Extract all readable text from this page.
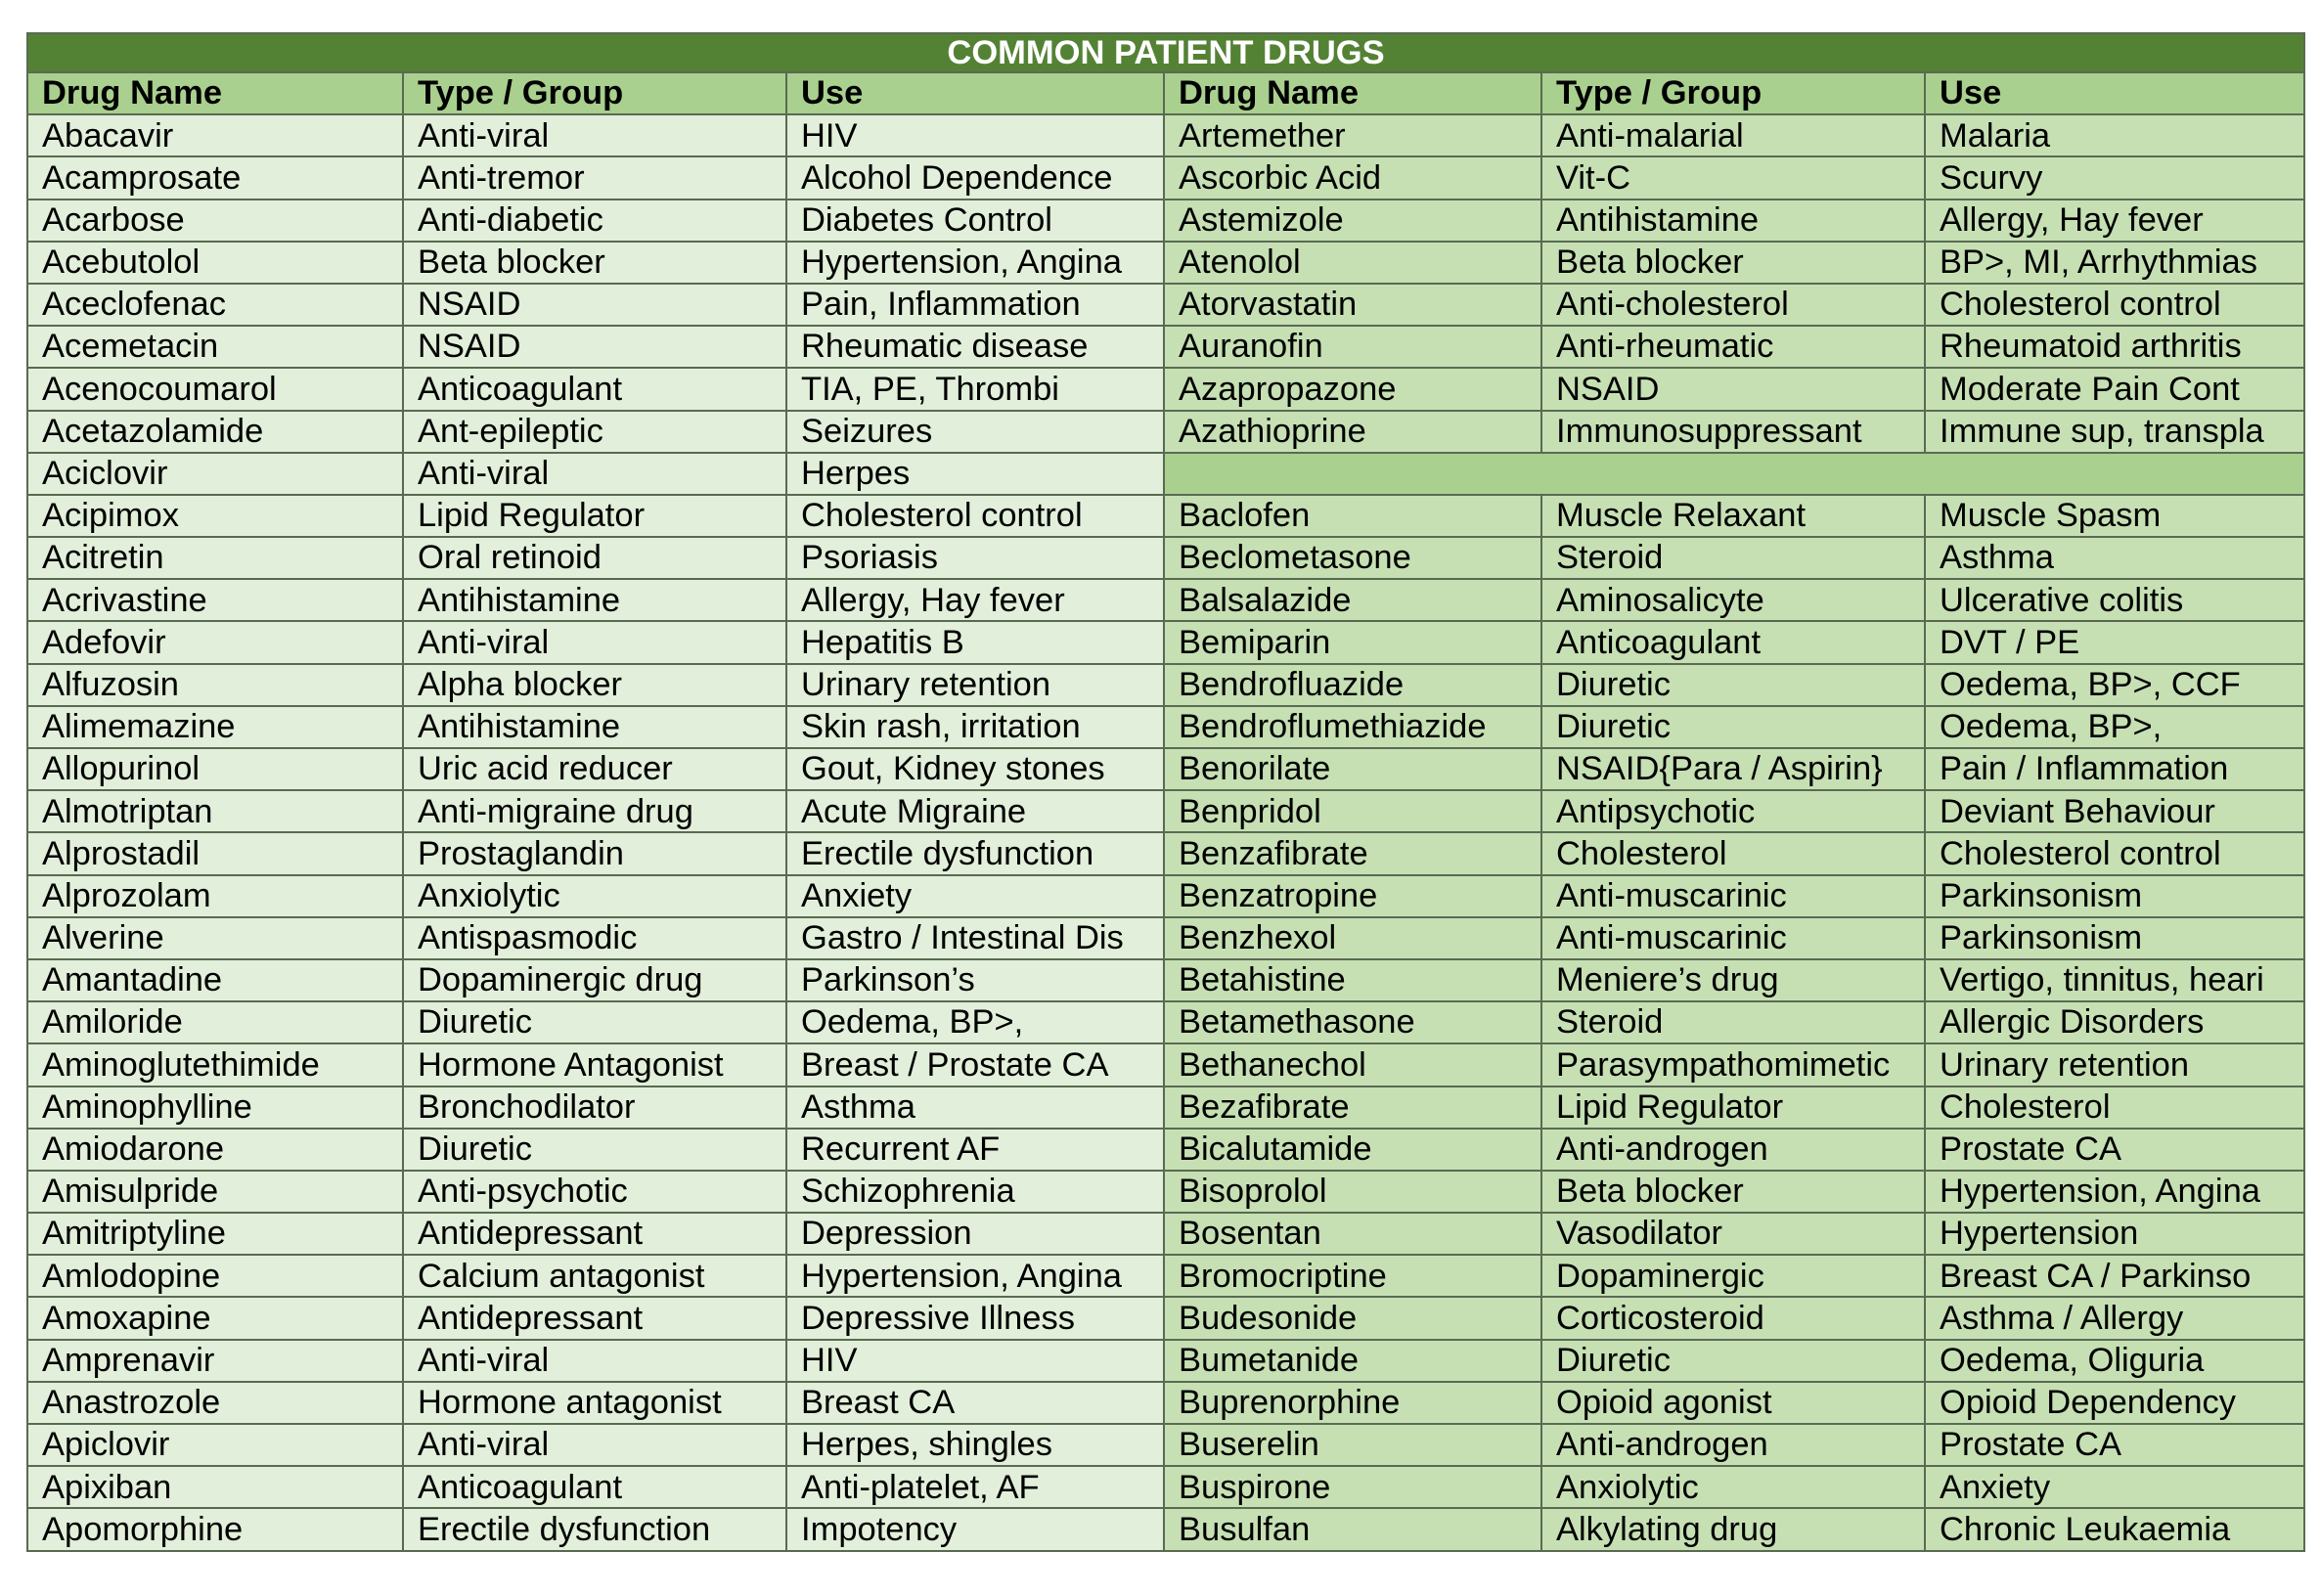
COMMON PATIENT DRUGS					
Drug Name	Type / Group	Use	Drug Name	Type / Group	Use
Abacavir	Anti-viral	HIV	Artemether	Anti-malarial	Malaria
Acamprosate	Anti-tremor	Alcohol Dependence	Ascorbic Acid	Vit-C	Scurvy
Acarbose	Anti-diabetic	Diabetes Control	Astemizole	Antihistamine	Allergy, Hay fever
Acebutolol	Beta blocker	Hypertension, Angina	Atenolol	Beta blocker	BP>, MI, Arrhythmias
Aceclofenac	NSAID	Pain, Inflammation	Atorvastatin	Anti-cholesterol	Cholesterol control
Acemetacin	NSAID	Rheumatic disease	Auranofin	Anti-rheumatic	Rheumatoid arthritis
Acenocoumarol	Anticoagulant	TIA, PE, Thrombi	Azapropazone	NSAID	Moderate Pain Cont
Acetazolamide	Ant-epileptic	Seizures	Azathioprine	Immunosuppressant	Immune sup, transpla
Aciclovir	Anti-viral	Herpes			
Acipimox	Lipid Regulator	Cholesterol control	Baclofen	Muscle Relaxant	Muscle Spasm
Acitretin	Oral retinoid	Psoriasis	Beclometasone	Steroid	Asthma
Acrivastine	Antihistamine	Allergy, Hay fever	Balsalazide	Aminosalicyte	Ulcerative colitis
Adefovir	Anti-viral	Hepatitis B	Bemiparin	Anticoagulant	DVT / PE
Alfuzosin	Alpha blocker	Urinary retention	Bendrofluazide	Diuretic	Oedema, BP>, CCF
Alimemazine	Antihistamine	Skin rash, irritation	Bendroflumethiazide	Diuretic	Oedema, BP>,
Allopurinol	Uric acid reducer	Gout, Kidney stones	Benorilate	NSAID{Para / Aspirin}	Pain / Inflammation
Almotriptan	Anti-migraine drug	Acute Migraine	Benpridol	Antipsychotic	Deviant Behaviour
Alprostadil	Prostaglandin	Erectile dysfunction	Benzafibrate	Cholesterol	Cholesterol control
Alprozolam	Anxiolytic	Anxiety	Benzatropine	Anti-muscarinic	Parkinsonism
Alverine	Antispasmodic	Gastro / Intestinal Dis	Benzhexol	Anti-muscarinic	Parkinsonism
Amantadine	Dopaminergic drug	Parkinson’s	Betahistine	Meniere’s drug	Vertigo, tinnitus, heari
Amiloride	Diuretic	Oedema, BP>,	Betamethasone	Steroid	Allergic Disorders
Aminoglutethimide	Hormone Antagonist	Breast / Prostate CA	Bethanechol	Parasympathomimetic	Urinary retention
Aminophylline	Bronchodilator	Asthma	Bezafibrate	Lipid Regulator	Cholesterol
Amiodarone	Diuretic	Recurrent AF	Bicalutamide	Anti-androgen	Prostate CA
Amisulpride	Anti-psychotic	Schizophrenia	Bisoprolol	Beta blocker	Hypertension, Angina
Amitriptyline	Antidepressant	Depression	Bosentan	Vasodilator	Hypertension
Amlodopine	Calcium antagonist	Hypertension, Angina	Bromocriptine	Dopaminergic	Breast CA / Parkinso
Amoxapine	Antidepressant	Depressive Illness	Budesonide	Corticosteroid	Asthma / Allergy
Amprenavir	Anti-viral	HIV	Bumetanide	Diuretic	Oedema, Oliguria
Anastrozole	Hormone antagonist	Breast CA	Buprenorphine	Opioid agonist	Opioid Dependency
Apiclovir	Anti-viral	Herpes, shingles	Buserelin	Anti-androgen	Prostate CA
Apixiban	Anticoagulant	Anti-platelet, AF	Buspirone	Anxiolytic	Anxiety
Apomorphine	Erectile dysfunction	Impotency	Busulfan	Alkylating drug	Chronic Leukaemia
